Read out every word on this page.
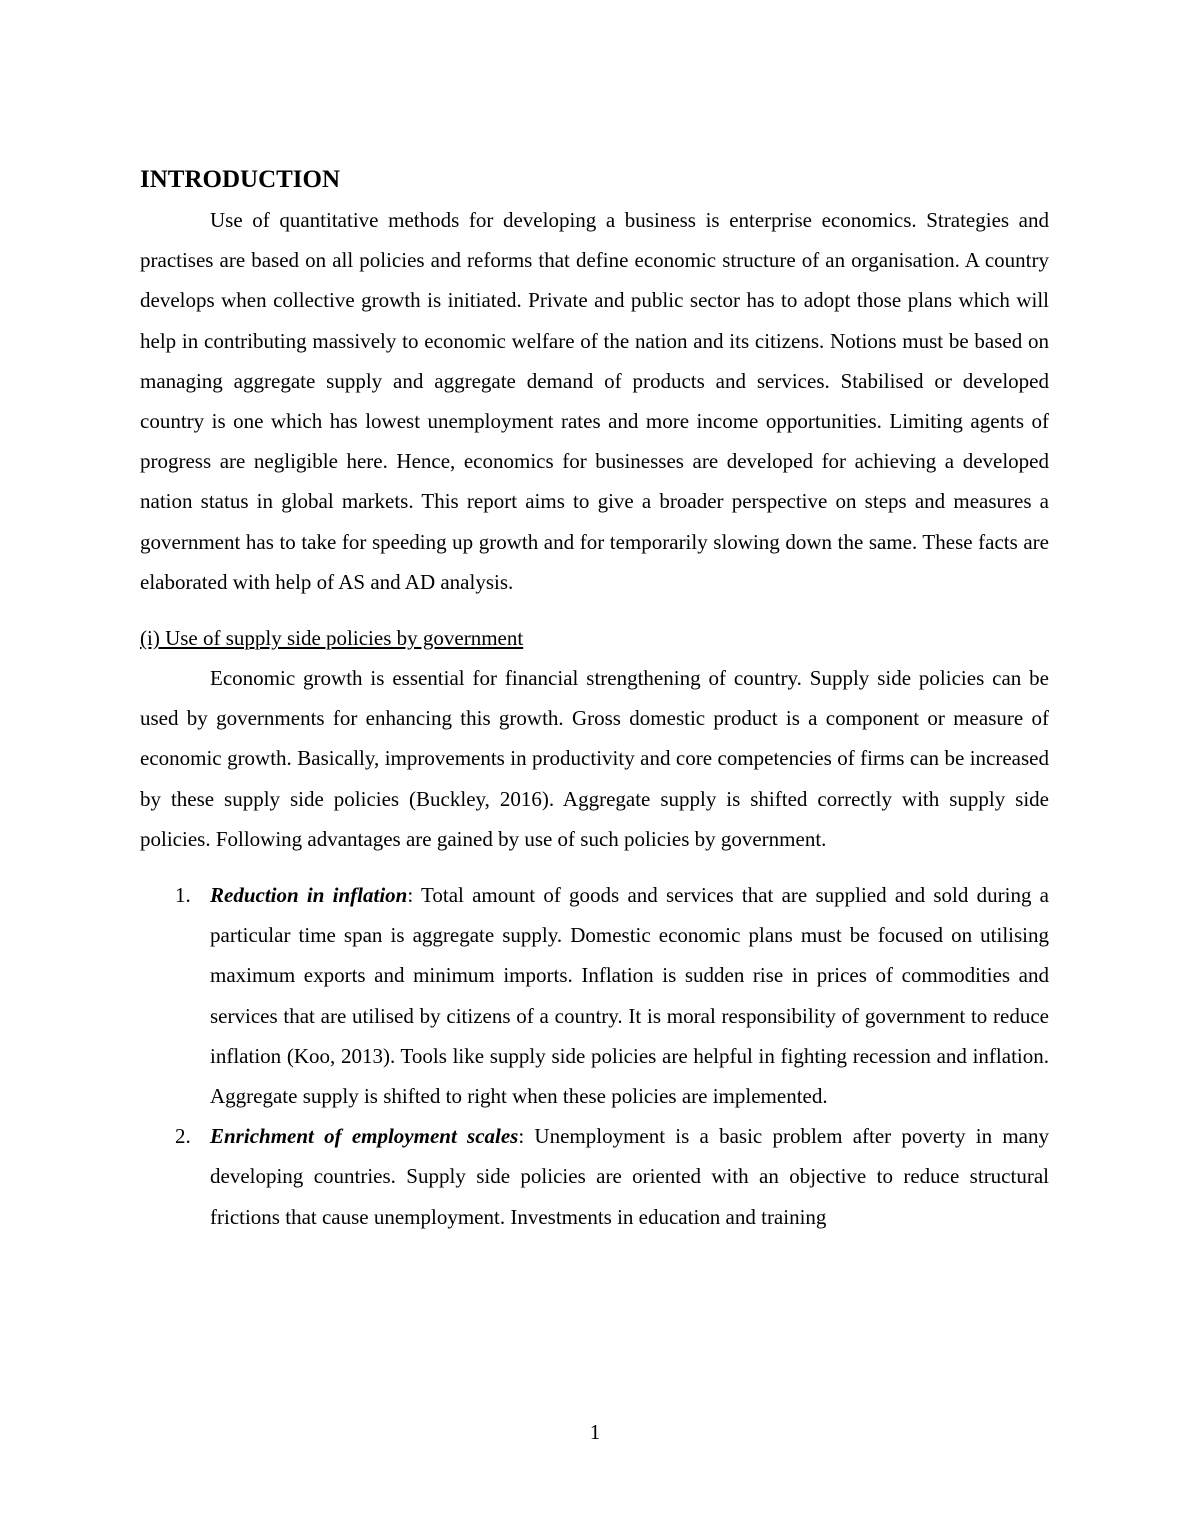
INTRODUCTION

Use of quantitative methods for developing a business is enterprise economics. Strategies and practises are based on all policies and reforms that define economic structure of an organisation. A country develops when collective growth is initiated. Private and public sector has to adopt those plans which will help in contributing massively to economic welfare of the nation and its citizens. Notions must be based on managing aggregate supply and aggregate demand of products and services. Stabilised or developed country is one which has lowest unemployment rates and more income opportunities. Limiting agents of progress are negligible here. Hence, economics for businesses are developed for achieving a developed nation status in global markets. This report aims to give a broader perspective on steps and measures a government has to take for speeding up growth and for temporarily slowing down the same. These facts are elaborated with help of AS and AD analysis.

(i) Use of supply side policies by government

Economic growth is essential for financial strengthening of country. Supply side policies can be used by governments for enhancing this growth. Gross domestic product is a component or measure of economic growth. Basically, improvements in productivity and core competencies of firms can be increased by these supply side policies (Buckley, 2016). Aggregate supply is shifted correctly with supply side policies. Following advantages are gained by use of such policies by government.

1. Reduction in inflation: Total amount of goods and services that are supplied and sold during a particular time span is aggregate supply. Domestic economic plans must be focused on utilising maximum exports and minimum imports. Inflation is sudden rise in prices of commodities and services that are utilised by citizens of a country. It is moral responsibility of government to reduce inflation (Koo, 2013). Tools like supply side policies are helpful in fighting recession and inflation. Aggregate supply is shifted to right when these policies are implemented.
2. Enrichment of employment scales: Unemployment is a basic problem after poverty in many developing countries. Supply side policies are oriented with an objective to reduce structural frictions that cause unemployment. Investments in education and training
1
